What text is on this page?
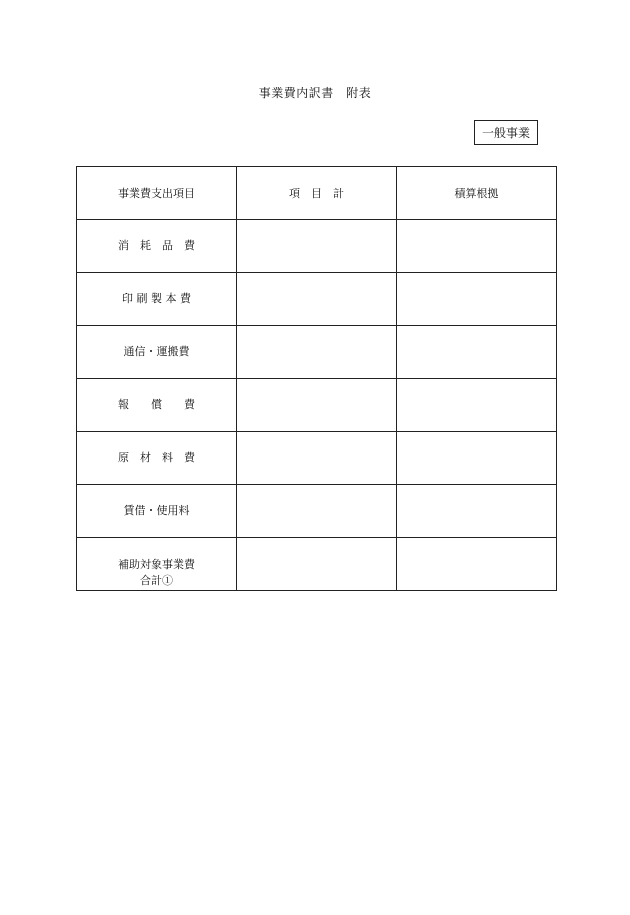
事業費内訳書　附表
一般事業
事業費支出項目	項　目　計	積算根拠
消　耗　品　費		
印 刷 製 本 費		
通信・運搬費		
報　　償　　費		
原　材　料　費		
賃借・使用料		

補助対象事業費
合計①		
